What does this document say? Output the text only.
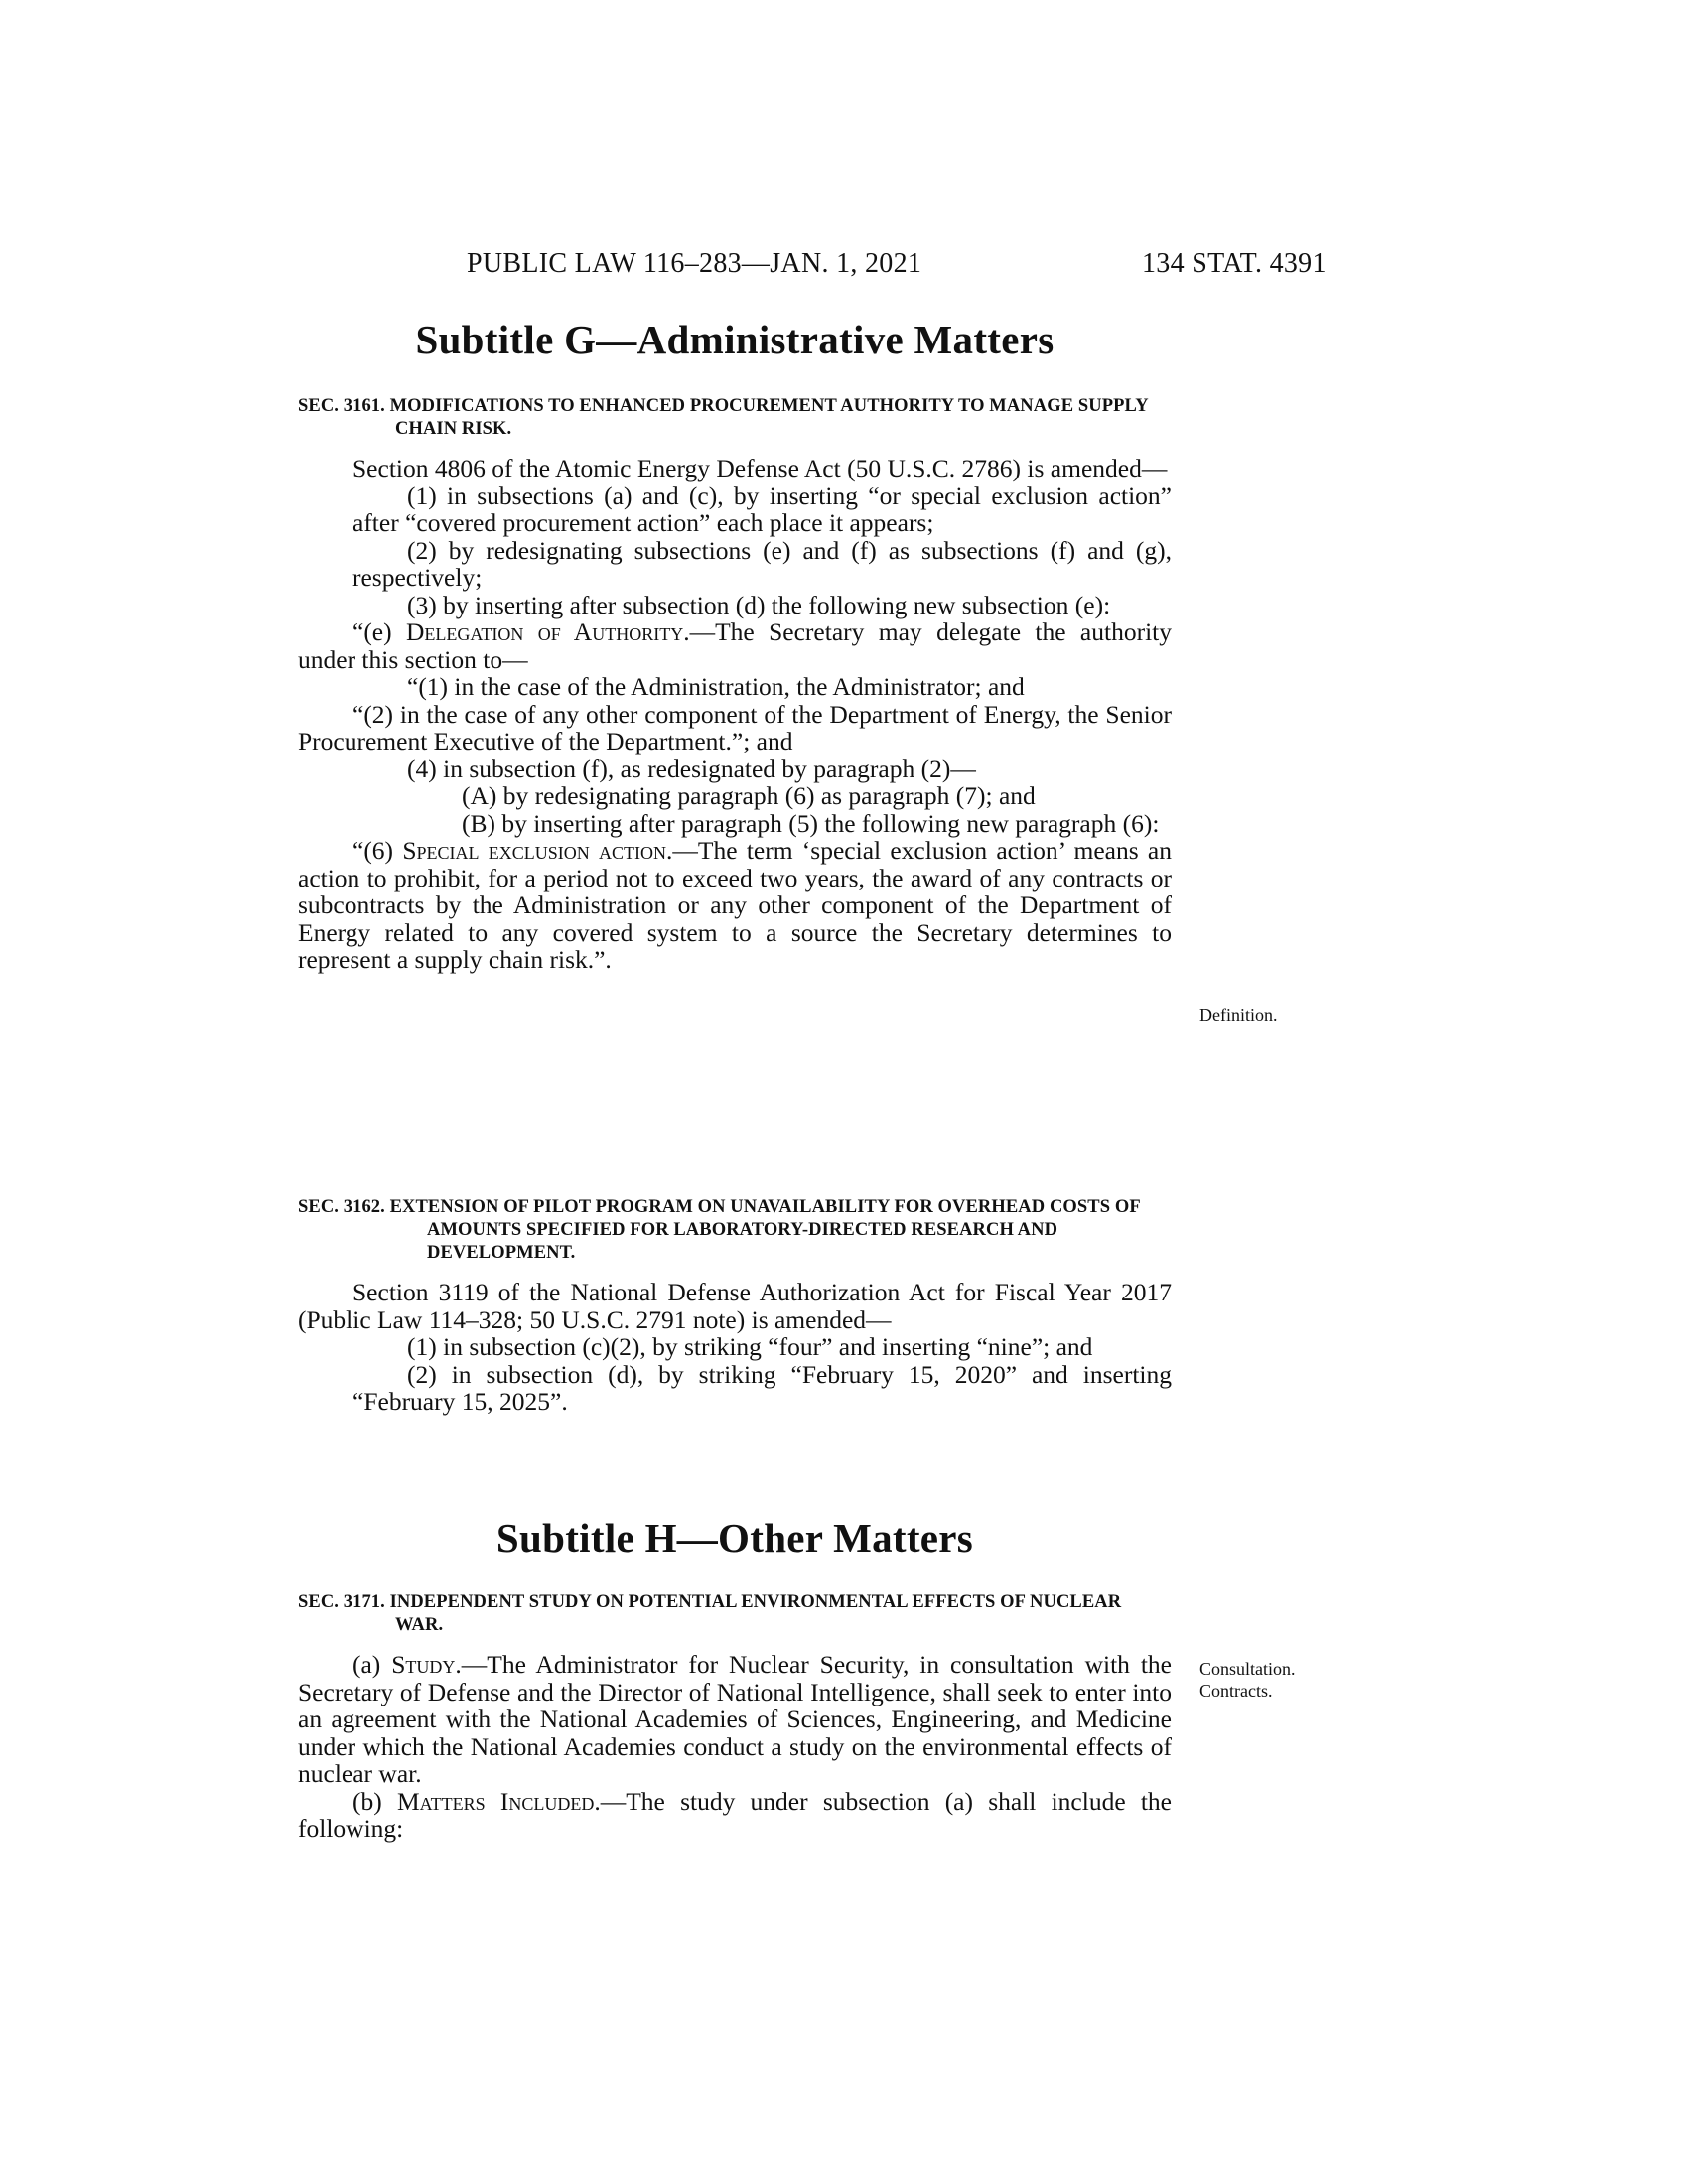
PUBLIC LAW 116–283—JAN. 1, 2021	134 STAT. 4391
Subtitle G—Administrative Matters
SEC. 3161. MODIFICATIONS TO ENHANCED PROCUREMENT AUTHORITY TO MANAGE SUPPLY CHAIN RISK.
Section 4806 of the Atomic Energy Defense Act (50 U.S.C. 2786) is amended—
(1) in subsections (a) and (c), by inserting “or special exclusion action” after “covered procurement action” each place it appears;
(2) by redesignating subsections (e) and (f) as subsections (f) and (g), respectively;
(3) by inserting after subsection (d) the following new subsection (e):
“(e) Delegation of Authority.—The Secretary may delegate the authority under this section to—
“(1) in the case of the Administration, the Administrator; and
“(2) in the case of any other component of the Department of Energy, the Senior Procurement Executive of the Department.”; and
(4) in subsection (f), as redesignated by paragraph (2)—
(A) by redesignating paragraph (6) as paragraph (7); and
(B) by inserting after paragraph (5) the following new paragraph (6):
“(6) Special exclusion action.—The term ‘special exclusion action’ means an action to prohibit, for a period not to exceed two years, the award of any contracts or subcontracts by the Administration or any other component of the Department of Energy related to any covered system to a source the Secretary determines to represent a supply chain risk.”.
Definition.
SEC. 3162. EXTENSION OF PILOT PROGRAM ON UNAVAILABILITY FOR OVERHEAD COSTS OF AMOUNTS SPECIFIED FOR LABORATORY-DIRECTED RESEARCH AND DEVELOPMENT.
Section 3119 of the National Defense Authorization Act for Fiscal Year 2017 (Public Law 114–328; 50 U.S.C. 2791 note) is amended—
(1) in subsection (c)(2), by striking “four” and inserting “nine”; and
(2) in subsection (d), by striking “February 15, 2020” and inserting “February 15, 2025”.
Subtitle H—Other Matters
SEC. 3171. INDEPENDENT STUDY ON POTENTIAL ENVIRONMENTAL EFFECTS OF NUCLEAR WAR.
(a) Study.—The Administrator for Nuclear Security, in consultation with the Secretary of Defense and the Director of National Intelligence, shall seek to enter into an agreement with the National Academies of Sciences, Engineering, and Medicine under which the National Academies conduct a study on the environmental effects of nuclear war.
(b) Matters Included.—The study under subsection (a) shall include the following:
Consultation.
Contracts.
